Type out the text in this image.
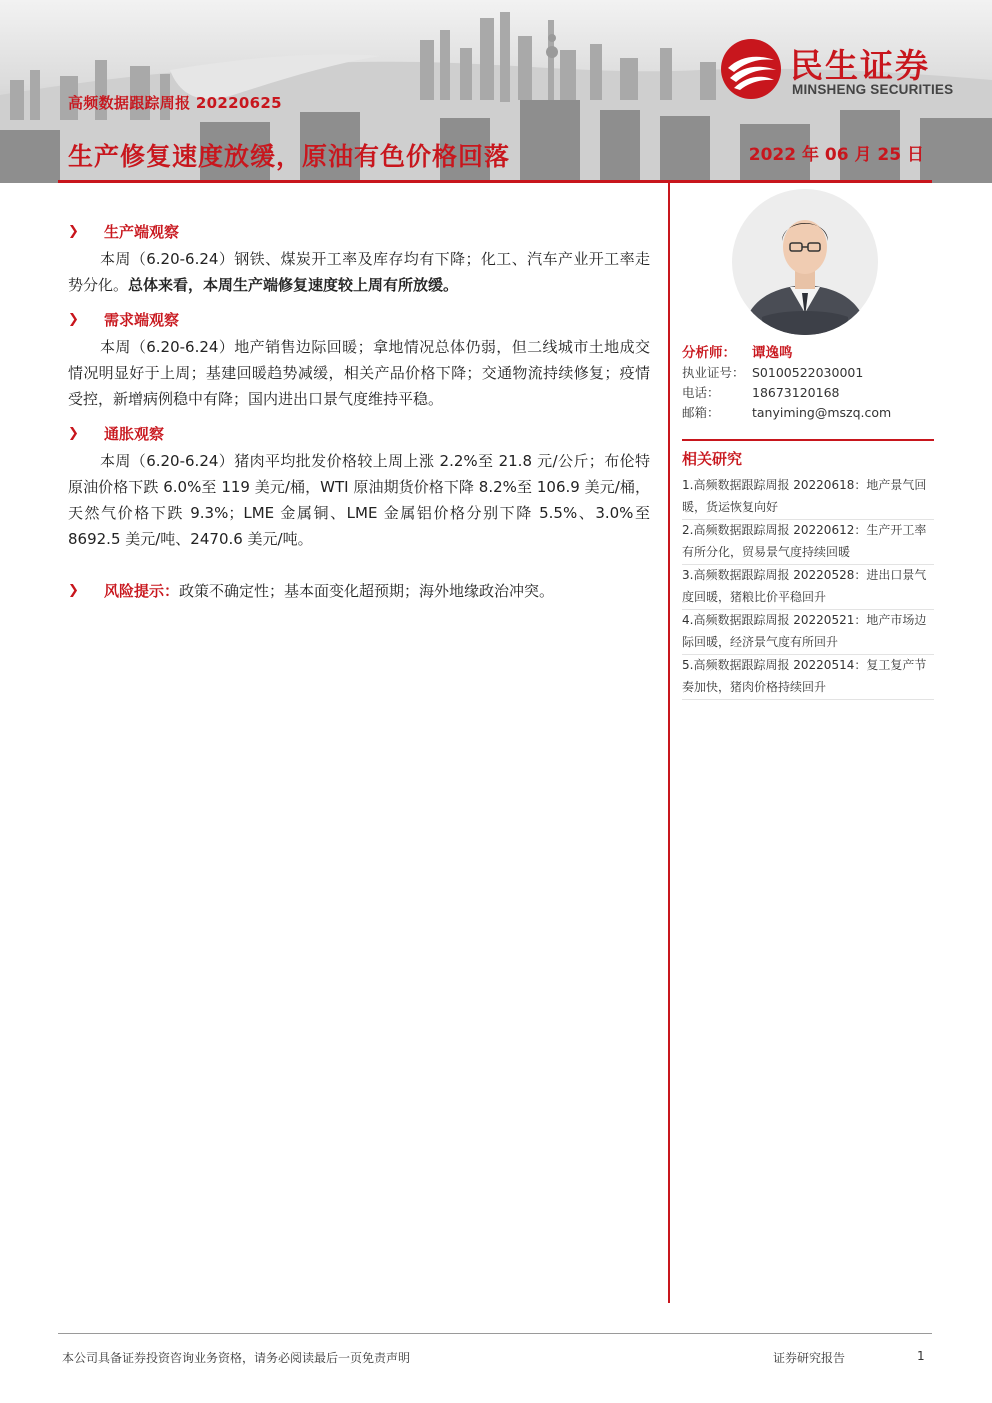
民生证券
MINSHENG SECURITIES
高频数据跟踪周报 20220625
生产修复速度放缓，原油有色价格回落	2022 年 06 月 25 日
❯ 生产端观察
本周（6.20-6.24）钢铁、煤炭开工率及库存均有下降；化工、汽车产业开工率走势分化。总体来看，本周生产端修复速度较上周有所放缓。
❯ 需求端观察
本周（6.20-6.24）地产销售边际回暖；拿地情况总体仍弱，但二线城市土地成交情况明显好于上周；基建回暖趋势减缓，相关产品价格下降；交通物流持续修复；疫情受控，新增病例稳中有降；国内进出口景气度维持平稳。
❯ 通胀观察
本周（6.20-6.24）猪肉平均批发价格较上周上涨 2.2%至 21.8 元/公斤；布伦特原油价格下跌 6.0%至 119 美元/桶，WTI 原油期货价格下降 8.2%至 106.9 美元/桶，天然气价格下跌 9.3%；LME 金属铜、LME 金属铝价格分别下降 5.5%、3.0%至 8692.5 美元/吨、2470.6 美元/吨。
❯ 风险提示：政策不确定性；基本面变化超预期；海外地缘政治冲突。
分析师： 谭逸鸣
执业证号： S0100522030001
电话：	18673120168
邮箱：	tanyiming@mszq.com
相关研究
1.高频数据跟踪周报 20220618：地产景气回暖，货运恢复向好
2.高频数据跟踪周报 20220612：生产开工率有所分化，贸易景气度持续回暖
3.高频数据跟踪周报 20220528：进出口景气度回暖，猪粮比价平稳回升
4.高频数据跟踪周报 20220521：地产市场边际回暖，经济景气度有所回升
5.高频数据跟踪周报 20220514：复工复产节奏加快，猪肉价格持续回升
本公司具备证券投资咨询业务资格，请务必阅读最后一页免责声明	证券研究报告	1
